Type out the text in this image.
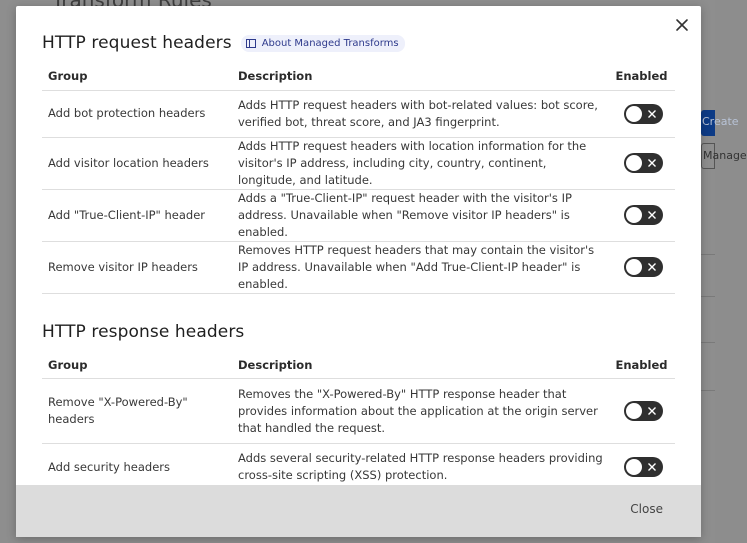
Create
Manage
HTTP request headers	About Managed Transforms
Group	Description	Enabled
Add bot protection headers	Adds HTTP request headers with bot-related values: bot score, verified bot, threat score, and JA3 fingerprint.	

Add visitor location headers	Adds HTTP request headers with location information for the visitor's IP address, including city, country, continent, longitude, and latitude.	

Add "True-Client-IP" header	Adds a "True-Client-IP" request header with the visitor's IP address. Unavailable when "Remove visitor IP headers" is enabled.	

Remove visitor IP headers	Removes HTTP request headers that may contain the visitor's IP address. Unavailable when "Add True-Client-IP header" is enabled.	
HTTP response headers
Group	Description	Enabled
Remove "X-Powered-By" headers	Removes the "X-Powered-By" HTTP response header that provides information about the application at the origin server that handled the request.	

Add security headers	Adds several security-related HTTP response headers providing cross-site scripting (XSS) protection.	
Close
